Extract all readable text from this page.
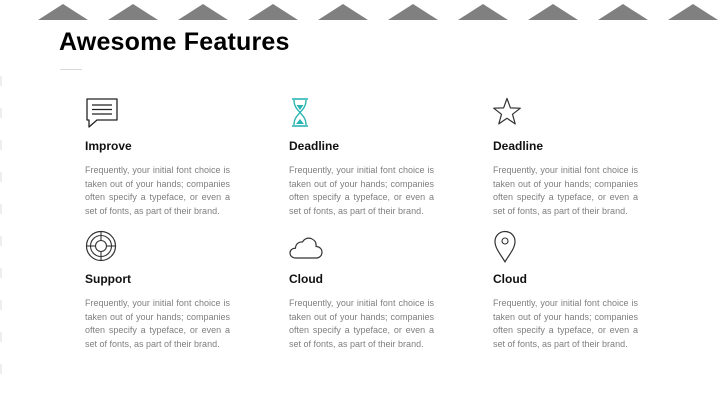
Awesome Features
Improve

Frequently, your initial font choice is taken out of your hands; companies often specify a typeface, or even a set of fonts, as part of their brand.

Deadline

Frequently, your initial font choice is taken out of your hands; companies often specify a typeface, or even a set of fonts, as part of their brand.

Deadline

Frequently, your initial font choice is taken out of your hands; companies often specify a typeface, or even a set of fonts, as part of their brand.

Support

Frequently, your initial font choice is taken out of your hands; companies often specify a typeface, or even a set of fonts, as part of their brand.

Cloud

Frequently, your initial font choice is taken out of your hands; companies often specify a typeface, or even a set of fonts, as part of their brand.

Cloud

Frequently, your initial font choice is taken out of your hands; companies often specify a typeface, or even a set of fonts, as part of their brand.
